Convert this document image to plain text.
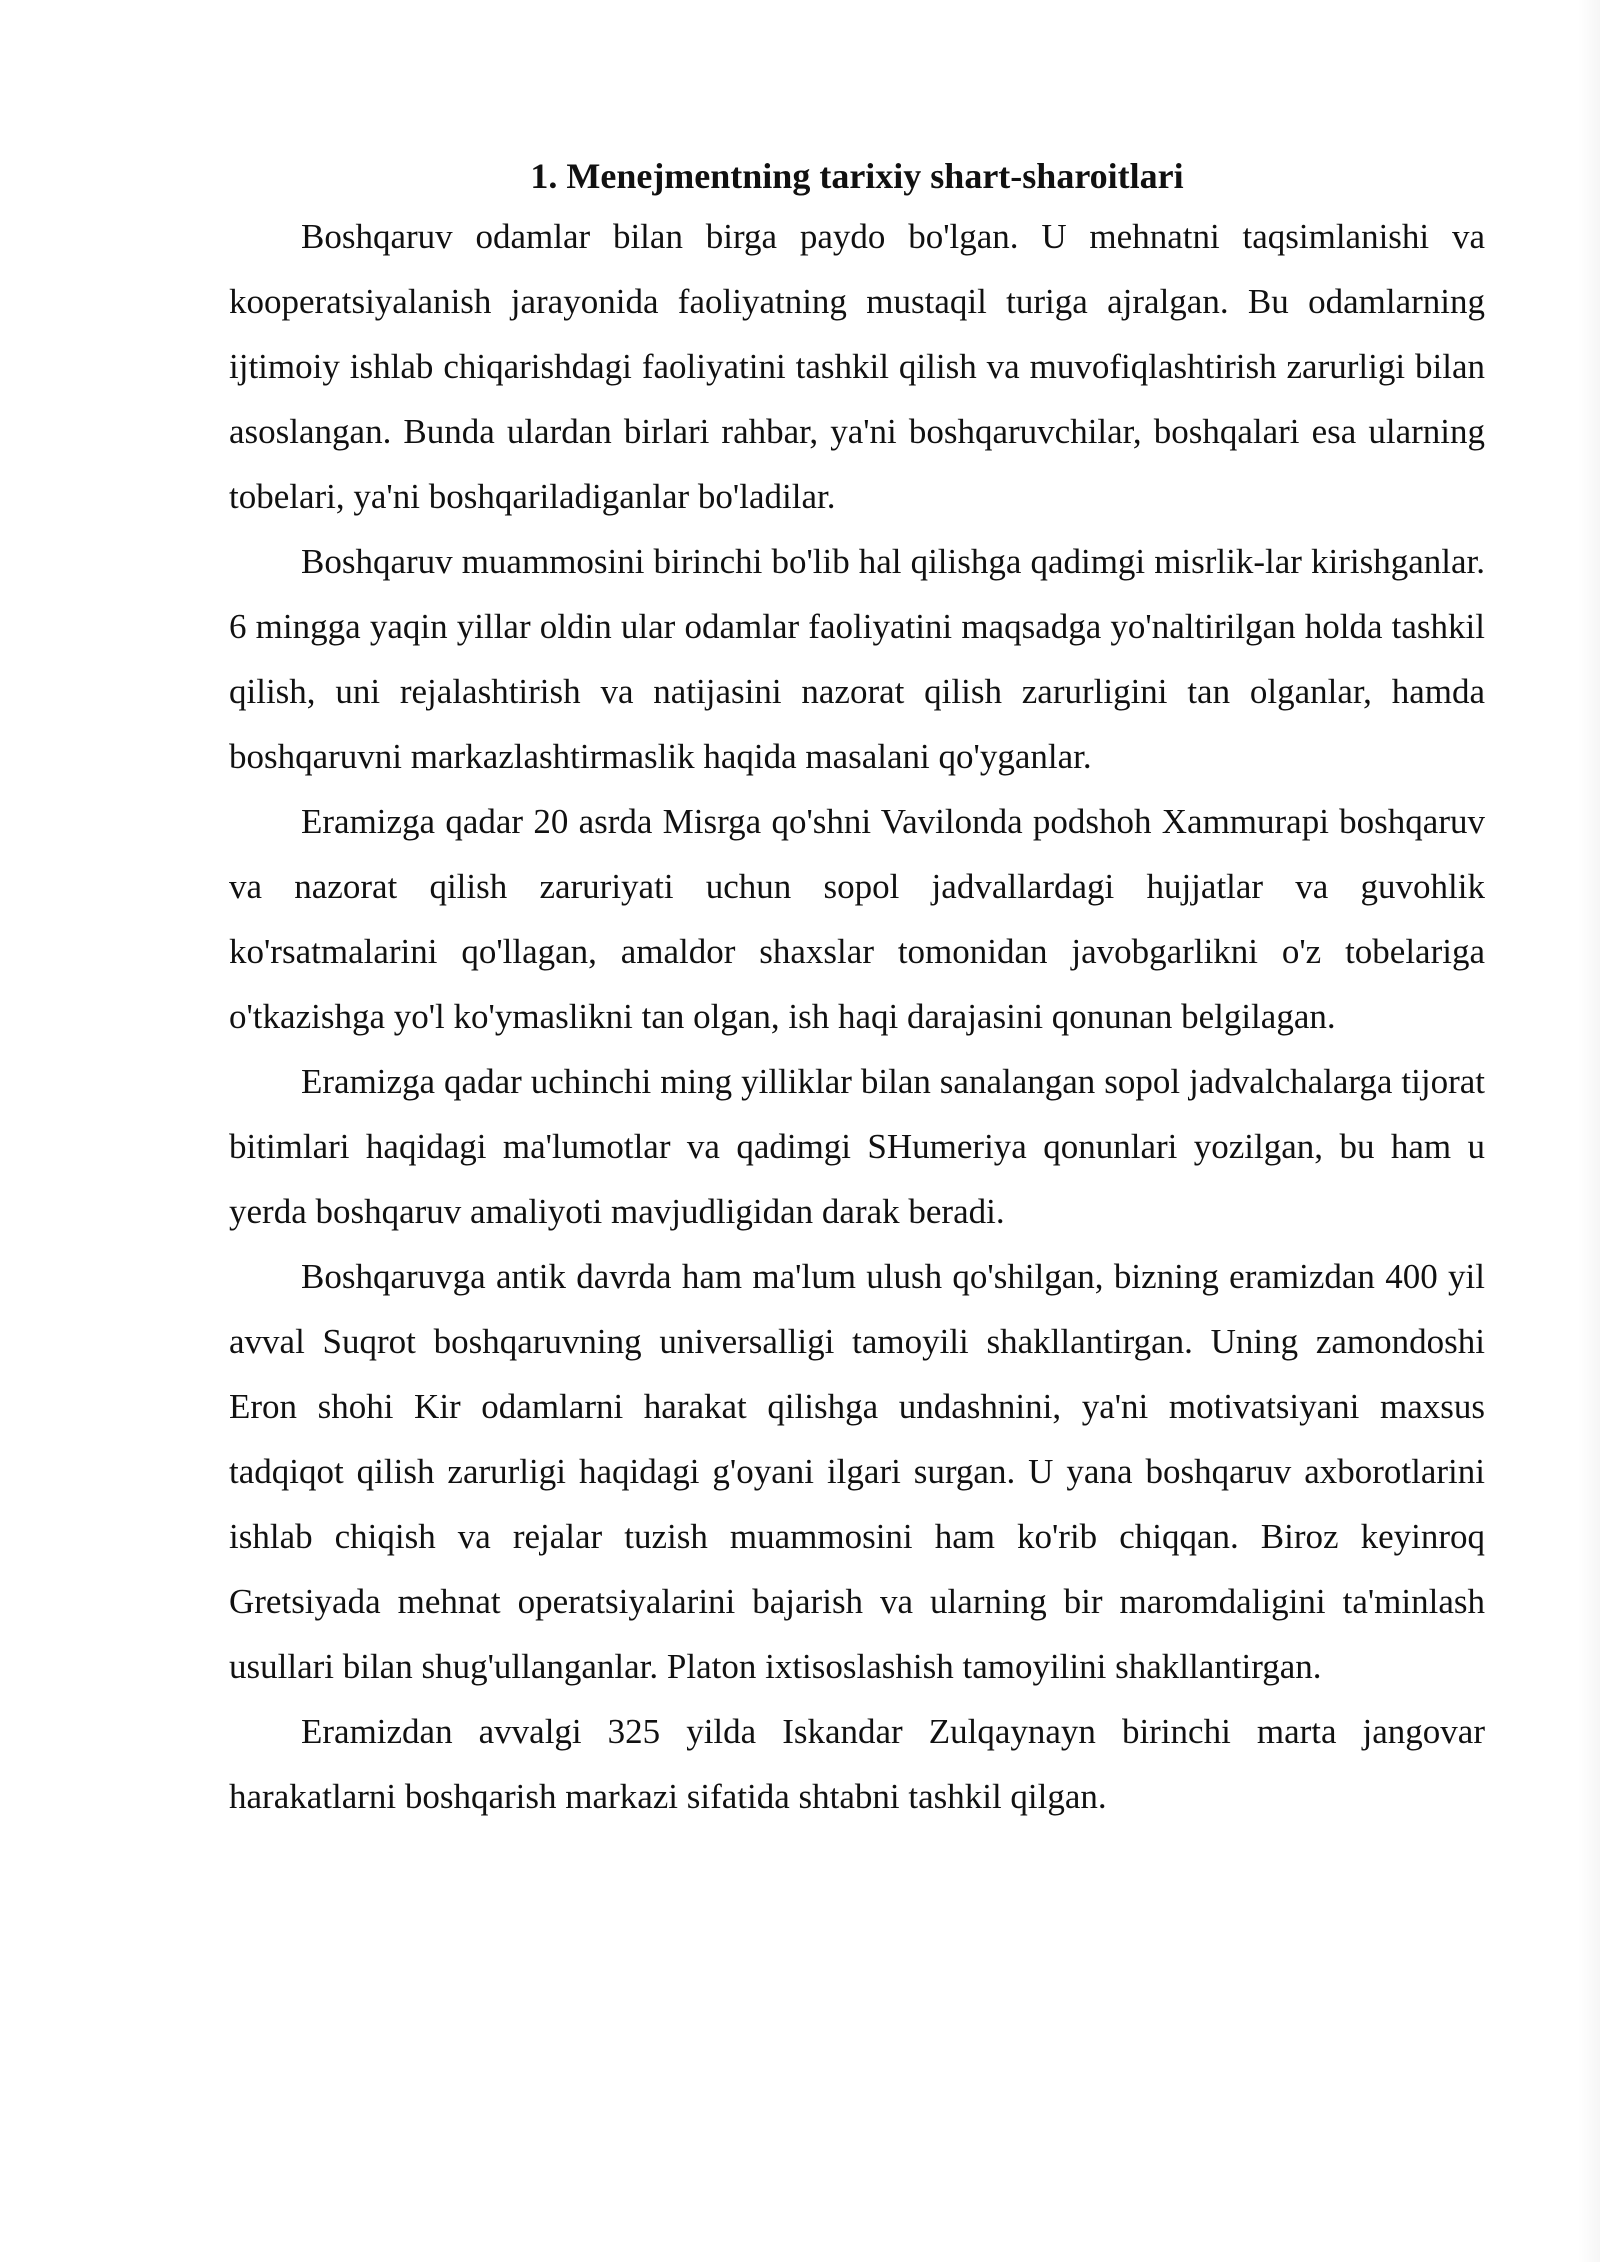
1. Menejmentning tarixiy shart-sharoitlari

Boshqaruv odamlar bilan birga paydo bo'lgan. U mehnatni taqsimlanishi va kooperatsiyalanish jarayonida faoliyatning mustaqil turiga ajralgan. Bu odamlarning ijtimoiy ishlab chiqarishdagi faoliyatini tashkil qilish va muvofiqlashtirish zarurligi bilan asoslangan. Bunda ulardan birlari rahbar, ya'ni boshqaruvchilar, boshqalari esa ularning tobelari, ya'ni boshqariladiganlar bo'ladilar.

Boshqaruv muammosini birinchi bo'lib hal qilishga qadimgi misrlik-lar kirishganlar. 6 mingga yaqin yillar oldin ular odamlar faoliyatini maqsadga yo'naltirilgan holda tashkil qilish, uni rejalashtirish va natijasini nazorat qilish zarurligini tan olganlar, hamda boshqaruvni markazlashtirmaslik haqida masalani qo'yganlar.

Eramizga qadar 20 asrda Misrga qo'shni Vavilonda podshoh Xammurapi boshqaruv va nazorat qilish zaruriyati uchun sopol jadvallardagi hujjatlar va guvohlik ko'rsatmalarini qo'llagan, amaldor shaxslar tomonidan javobgarlikni o'z tobelariga o'tkazishga yo'l ko'ymaslikni tan olgan, ish haqi darajasini qonunan belgilagan.

Eramizga qadar uchinchi ming yilliklar bilan sanalangan sopol jadvalchalarga tijorat bitimlari haqidagi ma'lumotlar va qadimgi SHumeriya qonunlari yozilgan, bu ham u yerda boshqaruv amaliyoti mavjudligidan darak beradi.

Boshqaruvga antik davrda ham ma'lum ulush qo'shilgan, bizning eramizdan 400 yil avval Suqrot boshqaruvning universalligi tamoyili shakllantirgan. Uning zamondoshi Eron shohi Kir odamlarni harakat qilishga undashnini, ya'ni motivatsiyani maxsus tadqiqot qilish zarurligi haqidagi g'oyani ilgari surgan. U yana boshqaruv axborotlarini ishlab chiqish va rejalar tuzish muammosini ham ko'rib chiqqan. Biroz keyinroq Gretsiyada mehnat operatsiyalarini bajarish va ularning bir maromdaligini ta'minlash usullari bilan shug'ullanganlar. Platon ixtisoslashish tamoyilini shakllantirgan.

Eramizdan avvalgi 325 yilda Iskandar Zulqaynayn birinchi marta jangovar harakatlarni boshqarish markazi sifatida shtabni tashkil qilgan.
